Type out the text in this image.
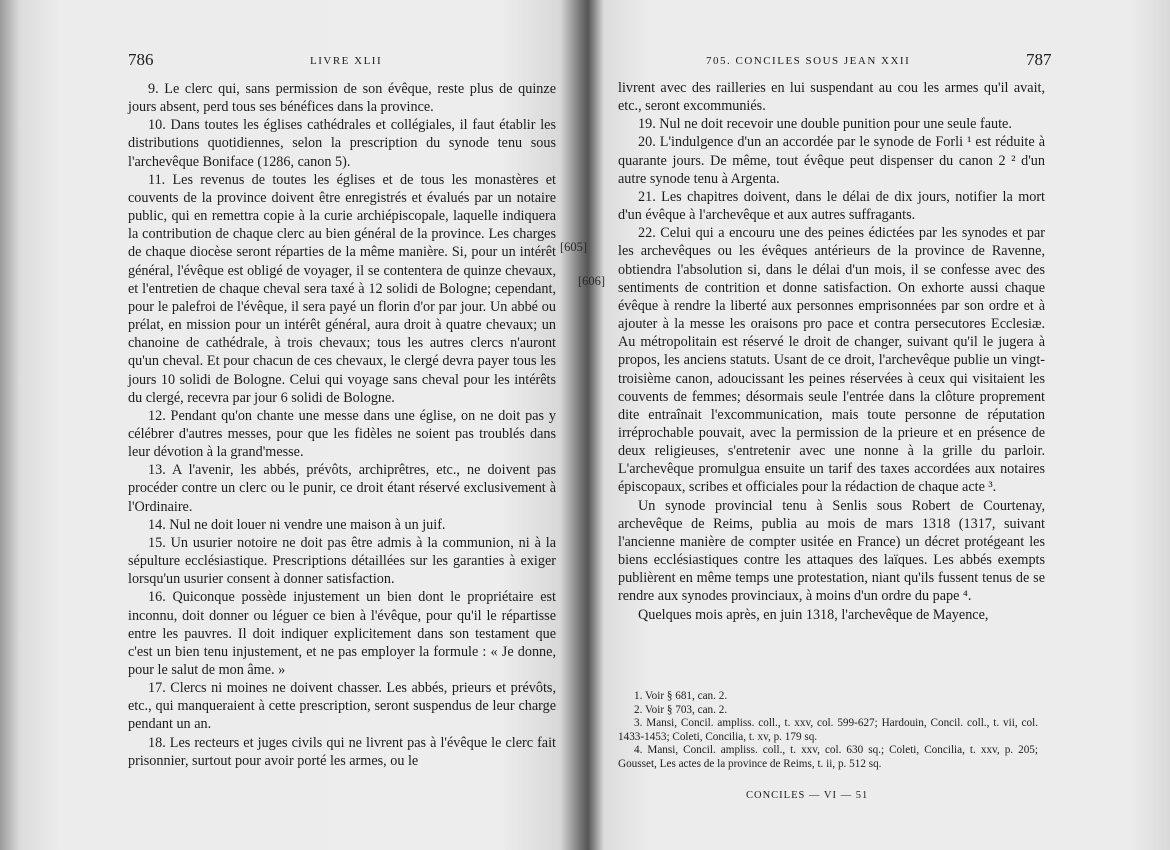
786	LIVRE XLII
[605]

9. Le clerc qui, sans permission de son évêque, reste plus de quinze jours absent, perd tous ses bénéfices dans la province.

10. Dans toutes les églises cathédrales et collégiales, il faut établir les distributions quotidiennes, selon la prescription du synode tenu sous l'archevêque Boniface (1286, canon 5).

11. Les revenus de toutes les églises et de tous les monastères et couvents de la province doivent être enregistrés et évalués par un notaire public, qui en remettra copie à la curie archiépiscopale, laquelle indiquera la contribution de chaque clerc au bien général de la province. Les charges de chaque diocèse seront réparties de la même manière. Si, pour un intérêt général, l'évêque est obligé de voyager, il se contentera de quinze chevaux, et l'entretien de chaque cheval sera taxé à 12 solidi de Bologne; cependant, pour le palefroi de l'évêque, il sera payé un florin d'or par jour. Un abbé ou prélat, en mission pour un intérêt général, aura droit à quatre chevaux; un chanoine de cathédrale, à trois chevaux; tous les autres clercs n'auront qu'un cheval. Et pour chacun de ces chevaux, le clergé devra payer tous les jours 10 solidi de Bologne. Celui qui voyage sans cheval pour les intérêts du clergé, recevra par jour 6 solidi de Bologne.

12. Pendant qu'on chante une messe dans une église, on ne doit pas y célébrer d'autres messes, pour que les fidèles ne soient pas troublés dans leur dévotion à la grand'messe.

13. A l'avenir, les abbés, prévôts, archiprêtres, etc., ne doivent pas procéder contre un clerc ou le punir, ce droit étant réservé exclusivement à l'Ordinaire.

14. Nul ne doit louer ni vendre une maison à un juif.

15. Un usurier notoire ne doit pas être admis à la communion, ni à la sépulture ecclésiastique. Prescriptions détaillées sur les garanties à exiger lorsqu'un usurier consent à donner satisfaction.

16. Quiconque possède injustement un bien dont le propriétaire est inconnu, doit donner ou léguer ce bien à l'évêque, pour qu'il le répartisse entre les pauvres. Il doit indiquer explicitement dans son testament que c'est un bien tenu injustement, et ne pas employer la formule : « Je donne, pour le salut de mon âme. »

17. Clercs ni moines ne doivent chasser. Les abbés, prieurs et prévôts, etc., qui manqueraient à cette prescription, seront suspendus de leur charge pendant un an.

18. Les recteurs et juges civils qui ne livrent pas à l'évêque le clerc fait prisonnier, surtout pour avoir porté les armes, ou le

705. CONCILES SOUS JEAN XXII	787
[606]

livrent avec des railleries en lui suspendant au cou les armes qu'il avait, etc., seront excommuniés.

19. Nul ne doit recevoir une double punition pour une seule faute.

20. L'indulgence d'un an accordée par le synode de Forli ¹ est réduite à quarante jours. De même, tout évêque peut dispenser du canon 2 ² d'un autre synode tenu à Argenta.

21. Les chapitres doivent, dans le délai de dix jours, notifier la mort d'un évêque à l'archevêque et aux autres suffragants.

22. Celui qui a encouru une des peines édictées par les synodes et par les archevêques ou les évêques antérieurs de la province de Ravenne, obtiendra l'absolution si, dans le délai d'un mois, il se confesse avec des sentiments de contrition et donne satisfaction. On exhorte aussi chaque évêque à rendre la liberté aux personnes emprisonnées par son ordre et à ajouter à la messe les oraisons pro pace et contra persecutores Ecclesiæ. Au métropolitain est réservé le droit de changer, suivant qu'il le jugera à propos, les anciens statuts. Usant de ce droit, l'archevêque publie un vingt-troisième canon, adoucissant les peines réservées à ceux qui visitaient les couvents de femmes; désormais seule l'entrée dans la clôture proprement dite entraînait l'excommunication, mais toute personne de réputation irréprochable pouvait, avec la permission de la prieure et en présence de deux religieuses, s'entretenir avec une nonne à la grille du parloir. L'archevêque promulgua ensuite un tarif des taxes accordées aux notaires épiscopaux, scribes et officiales pour la rédaction de chaque acte ³.

Un synode provincial tenu à Senlis sous Robert de Courtenay, archevêque de Reims, publia au mois de mars 1318 (1317, suivant l'ancienne manière de compter usitée en France) un décret protégeant les biens ecclésiastiques contre les attaques des laïques. Les abbés exempts publièrent en même temps une protestation, niant qu'ils fussent tenus de se rendre aux synodes provinciaux, à moins d'un ordre du pape ⁴.

Quelques mois après, en juin 1318, l'archevêque de Mayence,

1. Voir § 681, can. 2.

2. Voir § 703, can. 2.

3. Mansi, Concil. ampliss. coll., t. xxv, col. 599-627; Hardouin, Concil. coll., t. vii, col. 1433-1453; Coleti, Concilia, t. xv, p. 179 sq.

4. Mansi, Concil. ampliss. coll., t. xxv, col. 630 sq.; Coleti, Concilia, t. xxv, p. 205; Gousset, Les actes de la province de Reims, t. ii, p. 512 sq.

CONCILES — VI — 51
